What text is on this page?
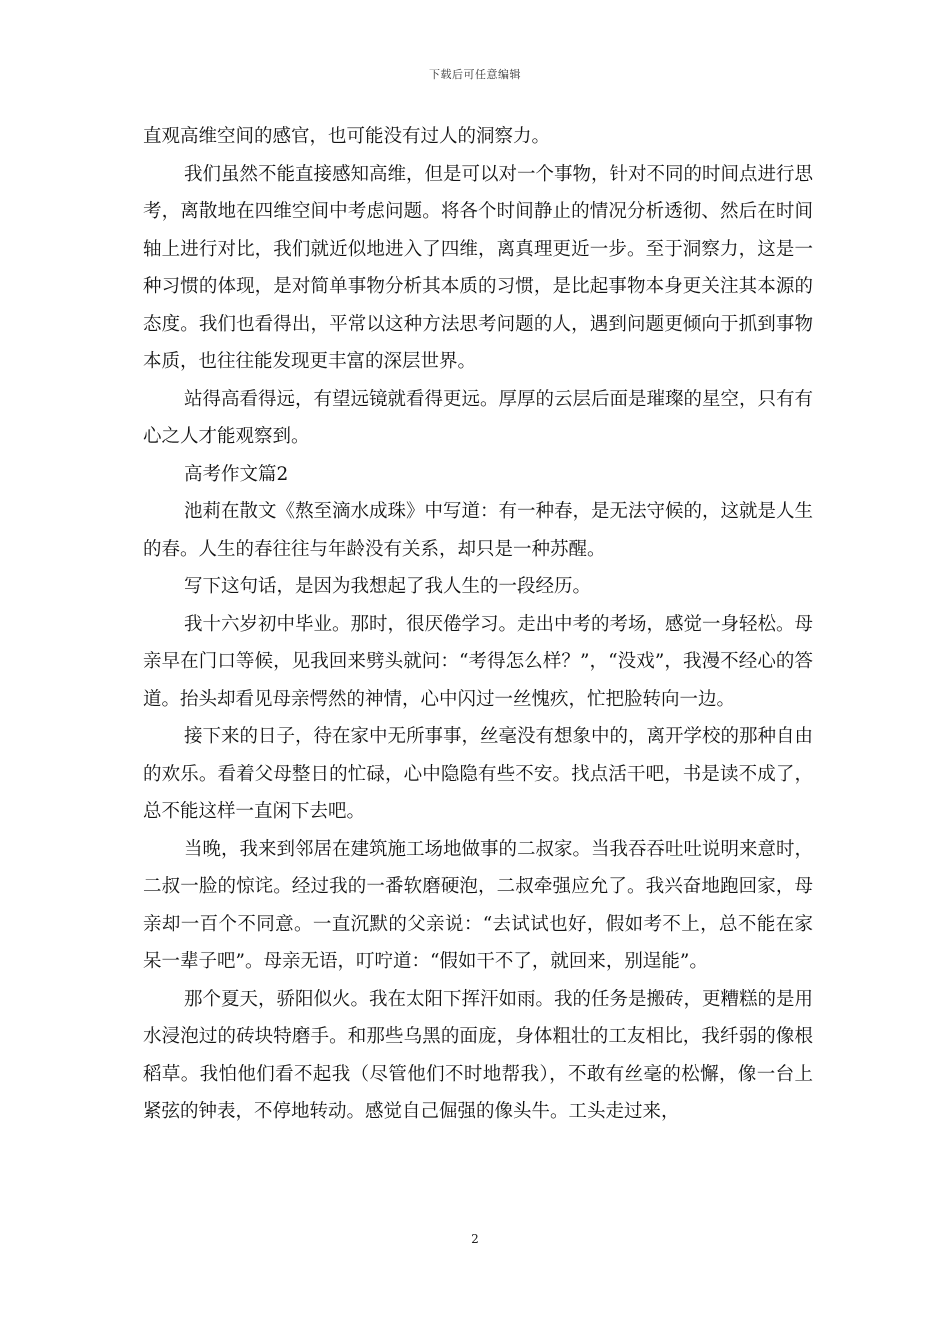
下载后可任意编辑

直观高维空间的感官，也可能没有过人的洞察力。

我们虽然不能直接感知高维，但是可以对一个事物，针对不同的时间点进行思考，离散地在四维空间中考虑问题。将各个时间静止的情况分析透彻、然后在时间轴上进行对比，我们就近似地进入了四维，离真理更近一步。至于洞察力，这是一种习惯的体现，是对简单事物分析其本质的习惯，是比起事物本身更关注其本源的态度。我们也看得出，平常以这种方法思考问题的人，遇到问题更倾向于抓到事物本质，也往往能发现更丰富的深层世界。

站得高看得远，有望远镜就看得更远。厚厚的云层后面是璀璨的星空，只有有心之人才能观察到。

高考作文篇2

池莉在散文《熬至滴水成珠》中写道：有一种春，是无法守候的，这就是人生的春。人生的春往往与年龄没有关系，却只是一种苏醒。

写下这句话，是因为我想起了我人生的一段经历。

我十六岁初中毕业。那时，很厌倦学习。走出中考的考场，感觉一身轻松。母亲早在门口等候，见我回来劈头就问：“考得怎么样？”，“没戏”，我漫不经心的答道。抬头却看见母亲愕然的神情，心中闪过一丝愧疚，忙把脸转向一边。

接下来的日子，待在家中无所事事，丝毫没有想象中的，离开学校的那种自由的欢乐。看着父母整日的忙碌，心中隐隐有些不安。找点活干吧，书是读不成了，总不能这样一直闲下去吧。

当晚，我来到邻居在建筑施工场地做事的二叔家。当我吞吞吐吐说明来意时，二叔一脸的惊诧。经过我的一番软磨硬泡，二叔牵强应允了。我兴奋地跑回家，母亲却一百个不同意。一直沉默的父亲说：“去试试也好，假如考不上，总不能在家呆一辈子吧”。母亲无语，叮咛道：“假如干不了，就回来，别逞能”。

那个夏天，骄阳似火。我在太阳下挥汗如雨。我的任务是搬砖，更糟糕的是用水浸泡过的砖块特磨手。和那些乌黑的面庞，身体粗壮的工友相比，我纤弱的像根稻草。我怕他们看不起我（尽管他们不时地帮我），不敢有丝毫的松懈，像一台上紧弦的钟表，不停地转动。感觉自己倔强的像头牛。工头走过来，

2
